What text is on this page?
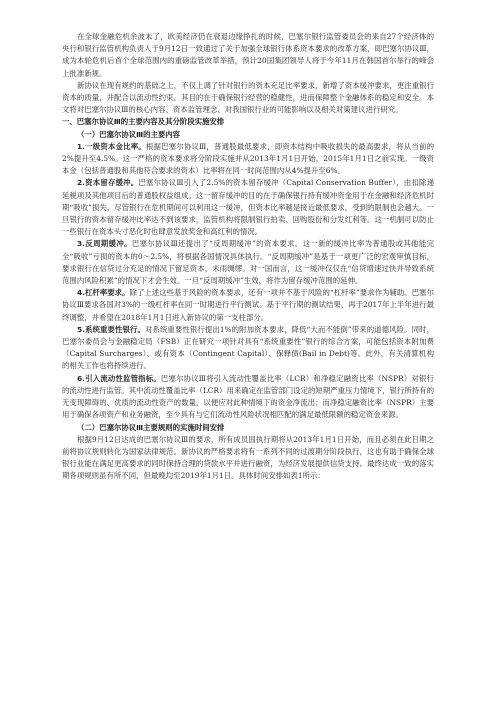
在全球金融危机余波未了，欧美经济仍在衰退边缘挣扎的时候，巴塞尔银行监管委员会的来自27个经济体的央行和银行监管机构负责人于9月12日一致通过了关于加强全球银行体系资本要求的改革方案，即巴塞尔协议Ⅲ，成为本轮危机后首个全球范围内的重磅监管改革举措，预计20国集团领导人将于今年11月在韩国首尔举行的峰会上批准新规。

新协议在现有规约的基础之上，不仅上调了针对银行的资本充足比率要求，新增了资本缓冲要求，更注重银行资本的质量，并配合以流动性约束，其目的在于确保银行经营的稳健性，进而保障整个金融体系的稳定和安全。本文将对巴塞尔协议Ⅲ的核心内容、资本监管理念、对我国银行业的可能影响以及相关对策建议进行研究。

一、巴塞尔协议Ⅲ的主要内容及其分阶段实施安排
（一）巴塞尔协议Ⅲ的主要内容

1.一级资本金比率。根据巴塞尔协议Ⅲ，普通股最低要求，即资本结构中吸收损失的最高要求，将从当前的2%提升至4.5%。这一严格的资本要求将分阶段实施并从2013年1月1日开始，2015年1月1日之前实现。一级资本金（包括普通股和其他符合要求的资本）比率将在同一时间范围内从4%提升至6%。

2.资本留存缓冲。巴塞尔协议Ⅲ引入了2.5%的资本留存缓冲（Capital Conservation Buffer），由扣除递延税项及其他项目后的普通股权益组成。这一留存缓冲的目的在于确保银行持有缓冲资金用于在金融和经济危机时期“吸收”损失，尽管银行在危机期间可以利用这一缓冲，但资本比率越是接近最低要求，受到的限制也会越大。一旦银行的资本留存缓冲比率达不到该要求，监管机构将限制银行拍卖、回购股份和分发红利等。这一机制可以防止一些银行在资本头寸恶化时也肆意发放奖金和高红利的情况。

3.反周期缓冲。巴塞尔协议Ⅲ还提出了“反周期缓冲”的资本要求。这一新的缓冲比率为普通股或其他能完全“吸收”亏损的资本的0～2.5%，将根据各国情况具体执行。“反周期缓冲”是基于一项更广泛的宏观审慎目标，要求银行在信贷过分充足的情况下留足资本，未雨绸缪。对一国而言，这一缓冲仅仅在“信贷增速过快并导致系统范围内风险积累”的情况下才会生效。一旦“反周期缓冲”生效，将作为留存缓冲范围的延伸。

4.杠杆率要求。除了上述这些基于风险的资本要求，还有一项并不基于风险的“杠杆率”要求作为辅助。巴塞尔协议Ⅲ要求各国对3%的一级杠杆率在同一时期进行平行测试。基于平行期的测试结果，再于2017年上半年进行最终调整，并希望在2018年1月1日进入新协议的第一支柱部分。

5.系统重要性银行。对系统重要性银行提出1%的附加资本要求，降低“大而不能倒”带来的道德风险。同时，巴塞尔委员会与金融稳定局（FSB）正在研究一项针对具有“系统重要性”银行的综合方案，可能包括资本附加费（Capital Surcharges）、或有资本（Contingent Capital）、保释债(Bail in Debt)等。此外，有关清算机构的相关工作也将持续进行。

6.引入流动性监管指标。巴塞尔协议Ⅲ将引入流动性覆盖比率（LCR）和净稳定融资比率（NSPR）对银行的流动性进行监管。其中流动性覆盖比率（LCR）用来确定在监管部门设定的短期严重压力情境下，银行所持有的无变现障碍的、优质的流动性资产的数量，以便应对此种情境下的资金净流出；而净稳定融资比率（NSPR）主要用于确保各项资产和业务融资，至少具有与它们流动性风险状况相匹配的满足最低限额的稳定资金来源。

（二）巴塞尔协议Ⅲ主要规则的实施时间安排

根据9月12日达成的巴塞尔协议Ⅲ的要求，所有成员国执行期将从2013年1月1日开始，而且必须在此日期之前将协议规则转化为国家法律规范。新协议的严格要求将有一系列不同的过渡期分阶段执行，这也有助于确保全球银行业能在满足更高要求的同时保持合理的贷款水平并进行融资，为经济发展提供信贷支持。最终达成一致的落实期各项规则虽有所不同，但最晚均至2019年1月1日。具体时间安排如表1所示：
